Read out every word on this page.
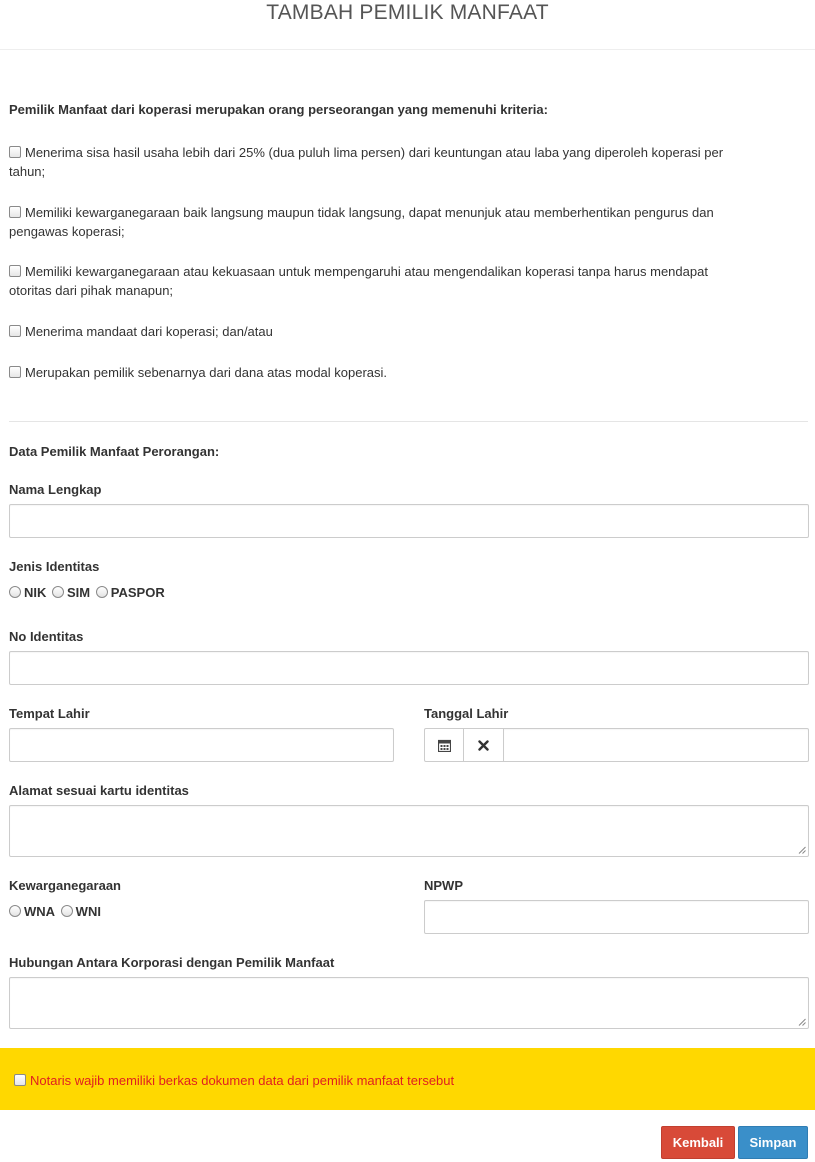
TAMBAH PEMILIK MANFAAT
Pemilik Manfaat dari koperasi merupakan orang perseorangan yang memenuhi kriteria:
Menerima sisa hasil usaha lebih dari 25% (dua puluh lima persen) dari keuntungan atau laba yang diperoleh koperasi per tahun;
Memiliki kewarganegaraan baik langsung maupun tidak langsung, dapat menunjuk atau memberhentikan pengurus dan pengawas koperasi;
Memiliki kewarganegaraan atau kekuasaan untuk mempengaruhi atau mengendalikan koperasi tanpa harus mendapat otoritas dari pihak manapun;
Menerima mandaat dari koperasi; dan/atau
Merupakan pemilik sebenarnya dari dana atas modal koperasi.
Data Pemilik Manfaat Perorangan:
Nama Lengkap
Jenis Identitas
NIK SIM PASPOR
No Identitas
Tempat Lahir	Tanggal Lahir
Alamat sesuai kartu identitas
Kewarganegaraan
WNA WNI
NPWP
Hubungan Antara Korporasi dengan Pemilik Manfaat
Notaris wajib memiliki berkas dokumen data dari pemilik manfaat tersebut
Kembali	Simpan
